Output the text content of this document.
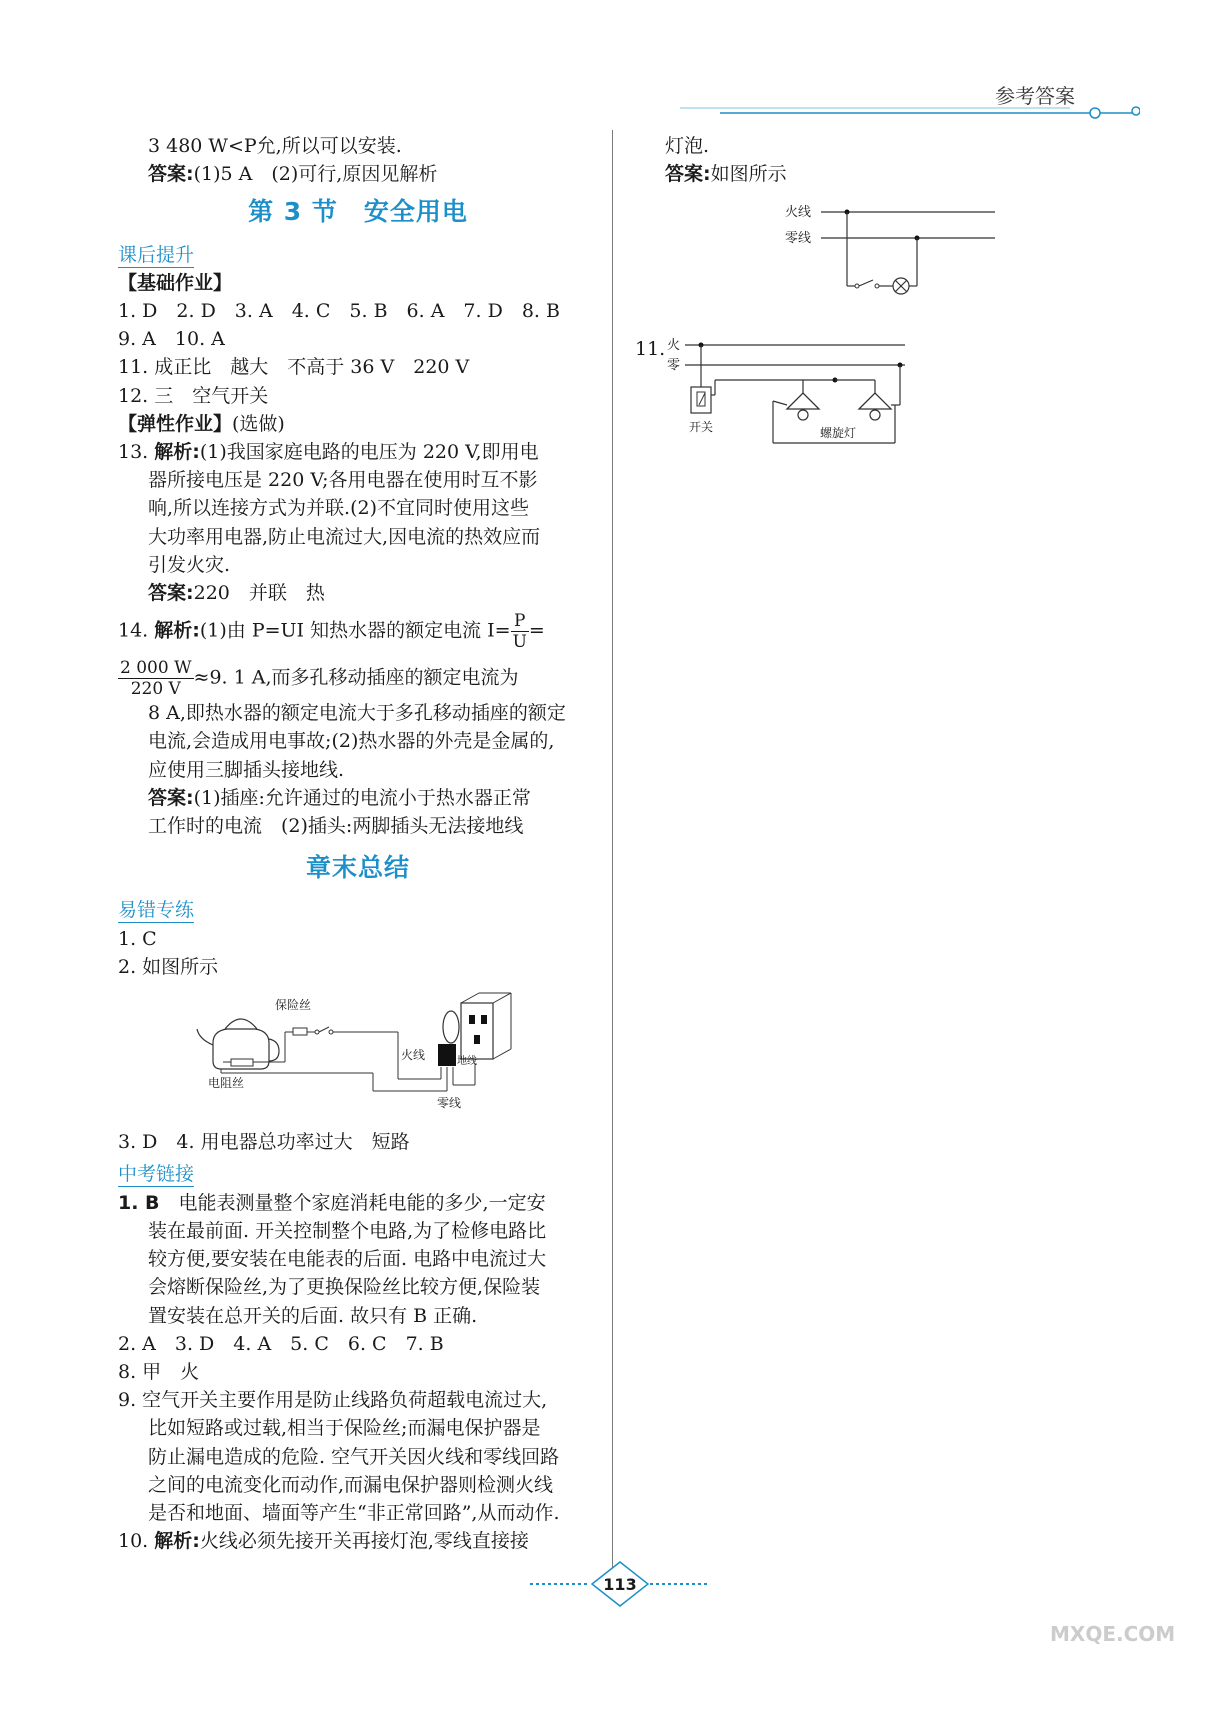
参考答案
3 480 W<P允,所以可以安装.
答案:(1)5 A　(2)可行,原因见解析
第 3 节　安全用电
课后提升
【基础作业】
1. D　2. D　3. A　4. C　5. B　6. A　7. D　8. B
9. A　10. A
11. 成正比　越大　不高于 36 V　220 V
12. 三　空气开关
【弹性作业】(选做)
13. 解析:(1)我国家庭电路的电压为 220 V,即用电
器所接电压是 220 V;各用电器在使用时互不影
响,所以连接方式为并联.(2)不宜同时使用这些
大功率用电器,防止电流过大,因电流的热效应而
引发火灾.
答案:220　并联　热
14. 解析:(1)由 P=UI 知热水器的额定电流 $I= \frac{P}{U}$ =
$\frac{2 000 W}{220 V} \approx 9$. 1 A,而多孔移动插座的额定电流为
8 A,即热水器的额定电流大于多孔移动插座的额定
电流,会造成用电事故;(2)热水器的外壳是金属的,
应使用三脚插头接地线.
答案:(1)插座:允许通过的电流小于热水器正常
工作时的电流　(2)插头:两脚插头无法接地线
章末总结
易错专练
1. C
2. 如图所示
保险丝
电阻丝
火线	地线
零线
3. D　4. 用电器总功率过大　短路
中考链接
1. B　电能表测量整个家庭消耗电能的多少,一定安
装在最前面. 开关控制整个电路,为了检修电路比
较方便,要安装在电能表的后面. 电路中电流过大
会熔断保险丝,为了更换保险丝比较方便,保险装
置安装在总开关的后面. 故只有 B 正确.
2. A　3. D　4. A　5. C　6. C　7. B
8. 甲　火
9. 空气开关主要作用是防止线路负荷超载电流过大,
比如短路或过载,相当于保险丝;而漏电保护器是
防止漏电造成的危险. 空气开关因火线和零线回路
之间的电流变化而动作,而漏电保护器则检测火线
是否和地面、墙面等产生“非正常回路”,从而动作.
10. 解析:火线必须先接开关再接灯泡,零线直接接
灯泡.
答案:如图所示
火线
零线
11. 火
零
开关	螺旋灯
113
MXQE.COM
